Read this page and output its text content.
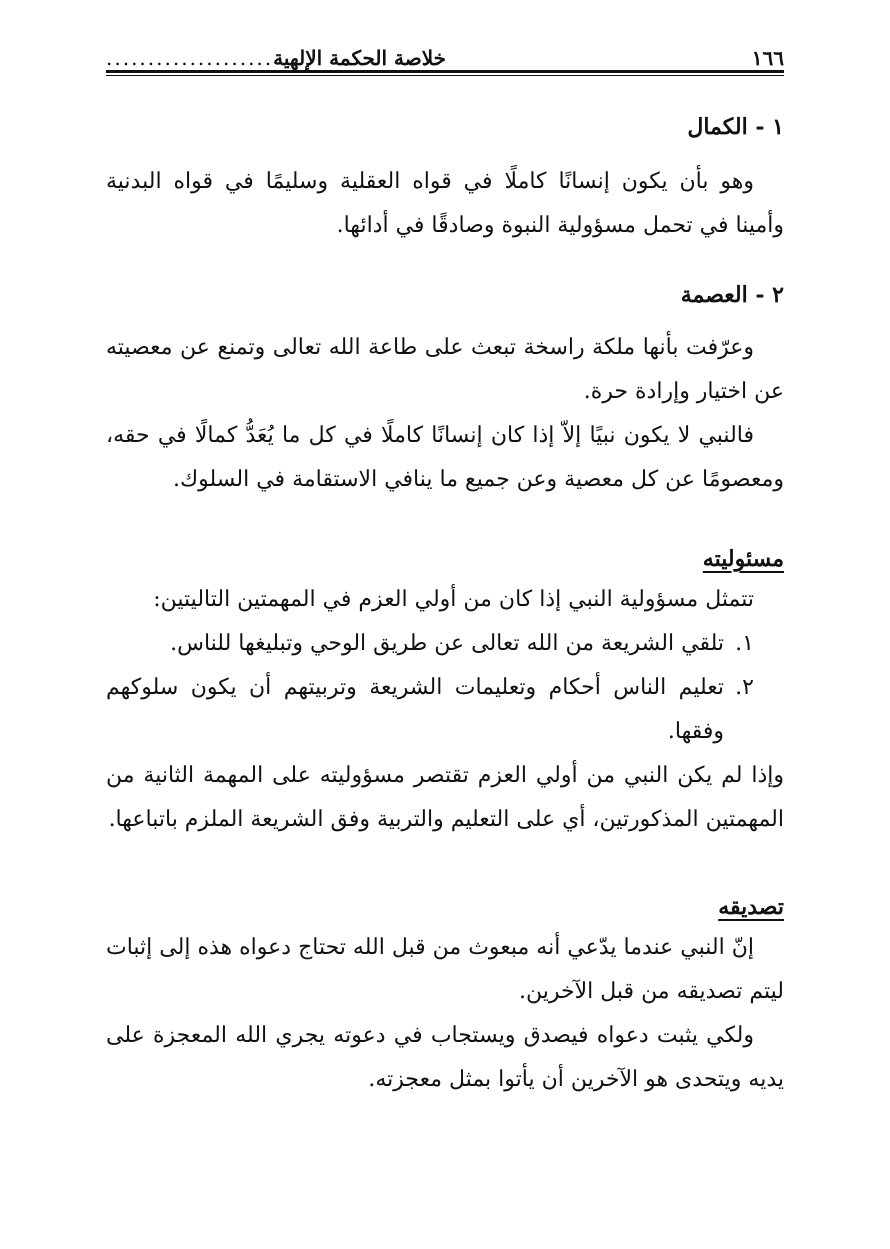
١٦٦
خلاصة الحكمة الإلهية
....................
١ - الكمال

وهو بأن يكون إنسانًا كاملًا في قواه العقلية وسليمًا في قواه البدنية وأمينا في تحمل مسؤولية النبوة وصادقًا في أدائها.

٢ - العصمة

وعرّفت بأنها ملكة راسخة تبعث على طاعة الله تعالى وتمنع عن معصيته عن اختيار وإرادة حرة.

فالنبي لا يكون نبيًا إلاّ إذا كان إنسانًا كاملًا في كل ما يُعَدُّ كمالًا في حقه، ومعصومًا عن كل معصية وعن جميع ما ينافي الاستقامة في السلوك.

مسئوليته

تتمثل مسؤولية النبي إذا كان من أولي العزم في المهمتين التاليتين:

١.
تلقي الشريعة من الله تعالى عن طريق الوحي وتبليغها للناس.
٢.
تعليم الناس أحكام وتعليمات الشريعة وتربيتهم أن يكون سلوكهم وفقها.

وإذا لم يكن النبي من أولي العزم تقتصر مسؤوليته على المهمة الثانية من المهمتين المذكورتين، أي على التعليم والتربية وفق الشريعة الملزم باتباعها.

تصديقه

إنّ النبي عندما يدّعي أنه مبعوث من قبل الله تحتاج دعواه هذه إلى إثبات ليتم تصديقه من قبل الآخرين.

ولكي يثبت دعواه فيصدق ويستجاب في دعوته يجري الله المعجزة على يديه ويتحدى هو الآخرين أن يأتوا بمثل معجزته.
